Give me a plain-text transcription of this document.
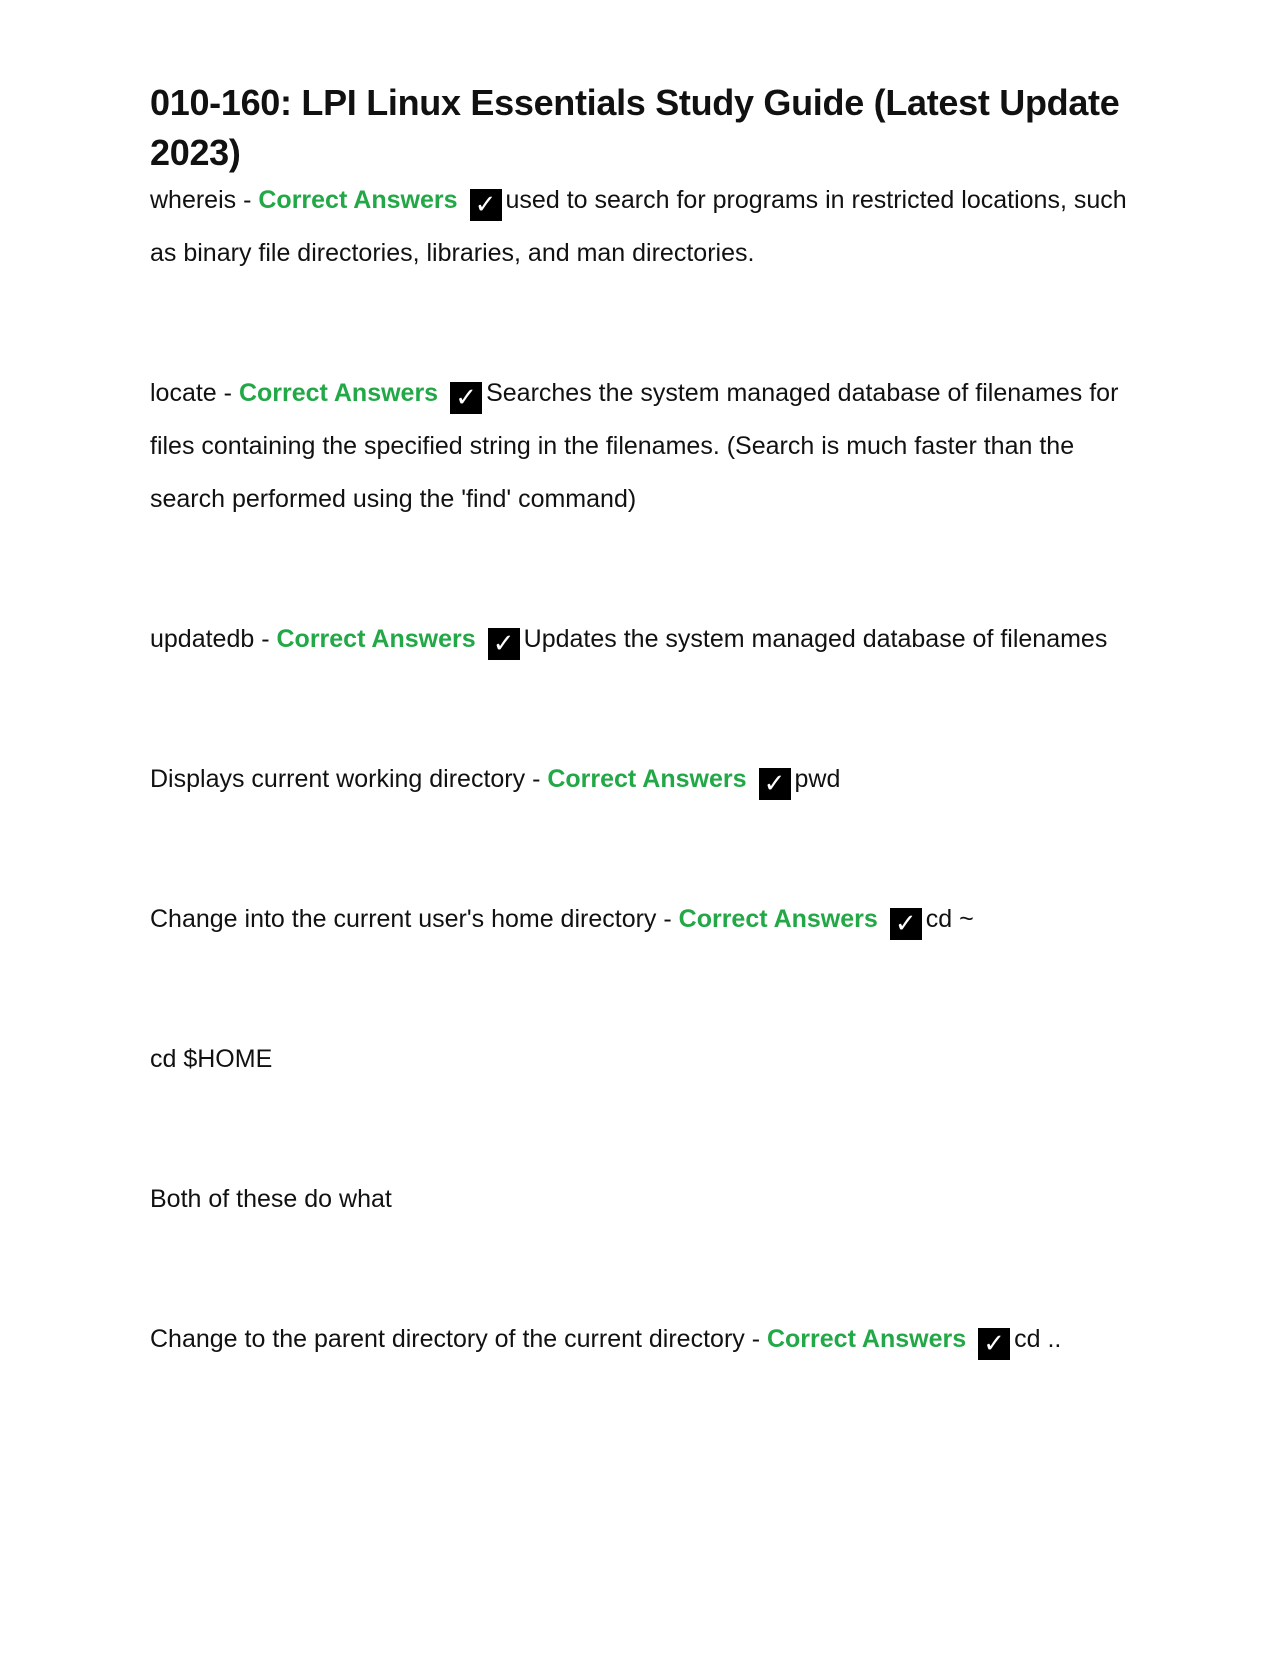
010-160: LPI Linux Essentials Study Guide (Latest Update 2023)

whereis - Correct Answers ✓ used to search for programs in restricted locations, such as binary file directories, libraries, and man directories.

locate - Correct Answers ✓ Searches the system managed database of filenames for files containing the specified string in the filenames. (Search is much faster than the search performed using the 'find' command)

updatedb - Correct Answers ✓ Updates the system managed database of filenames

Displays current working directory - Correct Answers ✓ pwd

Change into the current user's home directory - Correct Answers ✓ cd ~

cd $HOME

Both of these do what

Change to the parent directory of the current directory - Correct Answers ✓ cd ..
